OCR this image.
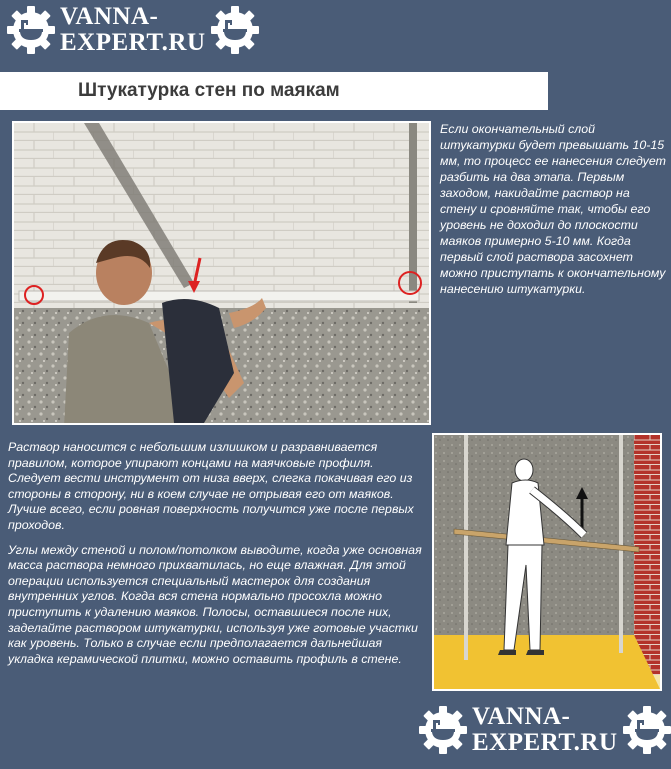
VANNA-
EXPERT.RU
Штукатурка стен по маякам
Если окончательный слой штукатурки будет превышать 10-15 мм, то процесс ее нанесения следует разбить на два этапа. Первым заходом, накидайте раствор на стену и сровняйте так, чтобы его уровень не доходил до плоскости маяков примерно 5-10 мм. Когда первый слой раствора засохнет можно приступать к окончательному нанесению штукатурки.

Раствор наносится с небольшим излишком и разравнивается правилом, которое упирают концами на маячковые профиля. Следует вести инструмент от низа вверх, слегка покачивая его из стороны в сторону, ни в коем случае не отрывая его от маяков. Лучше всего, если ровная поверхность получится уже после первых проходов.

Углы между стеной и полом/потолком выводите, когда уже основная масса раствора немного прихватилась, но еще влажная. Для этой операции используется специальный мастерок для создания внутренних углов. Когда вся стена нормально просохла можно приступить к удалению маяков. Полосы, оставшиеся после них, заделайте раствором штукатурки, используя уже готовые участки как уровень. Только в случае если предполагается дальнейшая укладка керамической плитки, можно оставить профиль в стене.

VANNA-
EXPERT.RU
